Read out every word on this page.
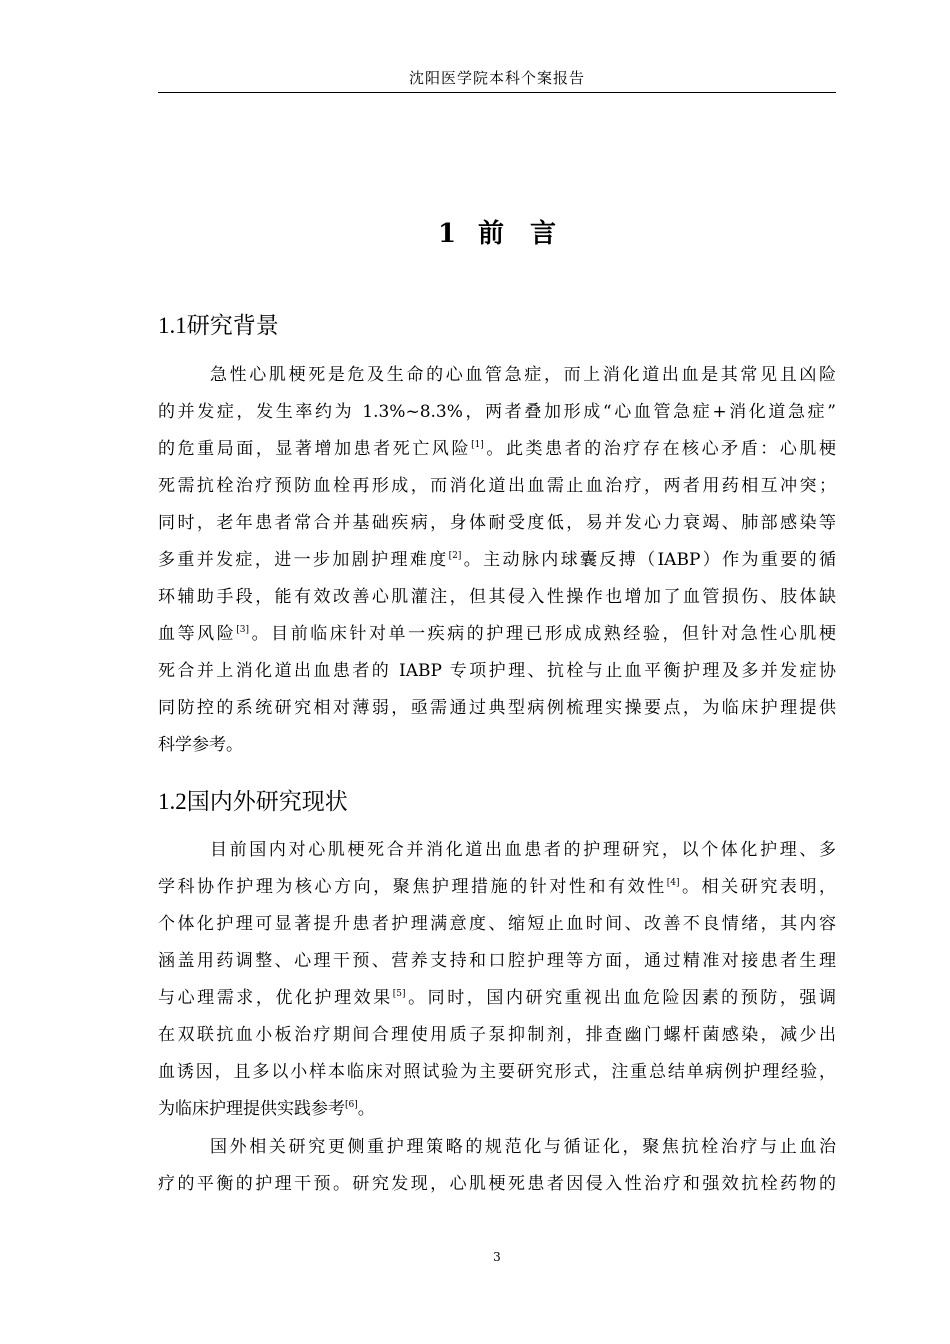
沈阳医学院本科个案报告
1 前　言
1.1研究背景
急性心肌梗死是危及生命的心血管急症，而上消化道出血是其常见且凶险
的并发症，发生率约为 1.3%~8.3%，两者叠加形成“心血管急症+消化道急症”
的危重局面，显著增加患者死亡风险[1]。此类患者的治疗存在核心矛盾：心肌梗
死需抗栓治疗预防血栓再形成，而消化道出血需止血治疗，两者用药相互冲突；
同时，老年患者常合并基础疾病，身体耐受度低，易并发心力衰竭、肺部感染等
多重并发症，进一步加剧护理难度[2]。主动脉内球囊反搏（IABP）作为重要的循
环辅助手段，能有效改善心肌灌注，但其侵入性操作也增加了血管损伤、肢体缺
血等风险[3]。目前临床针对单一疾病的护理已形成成熟经验，但针对急性心肌梗
死合并上消化道出血患者的 IABP 专项护理、抗栓与止血平衡护理及多并发症协
同防控的系统研究相对薄弱，亟需通过典型病例梳理实操要点，为临床护理提供
科学参考。
1.2国内外研究现状
目前国内对心肌梗死合并消化道出血患者的护理研究，以个体化护理、多
学科协作护理为核心方向，聚焦护理措施的针对性和有效性[4]。相关研究表明，
个体化护理可显著提升患者护理满意度、缩短止血时间、改善不良情绪，其内容
涵盖用药调整、心理干预、营养支持和口腔护理等方面，通过精准对接患者生理
与心理需求，优化护理效果[5]。同时，国内研究重视出血危险因素的预防，强调
在双联抗血小板治疗期间合理使用质子泵抑制剂，排查幽门螺杆菌感染，减少出
血诱因，且多以小样本临床对照试验为主要研究形式，注重总结单病例护理经验，
为临床护理提供实践参考[6]。
国外相关研究更侧重护理策略的规范化与循证化，聚焦抗栓治疗与止血治
疗的平衡的护理干预。研究发现，心肌梗死患者因侵入性治疗和强效抗栓药物的
3
